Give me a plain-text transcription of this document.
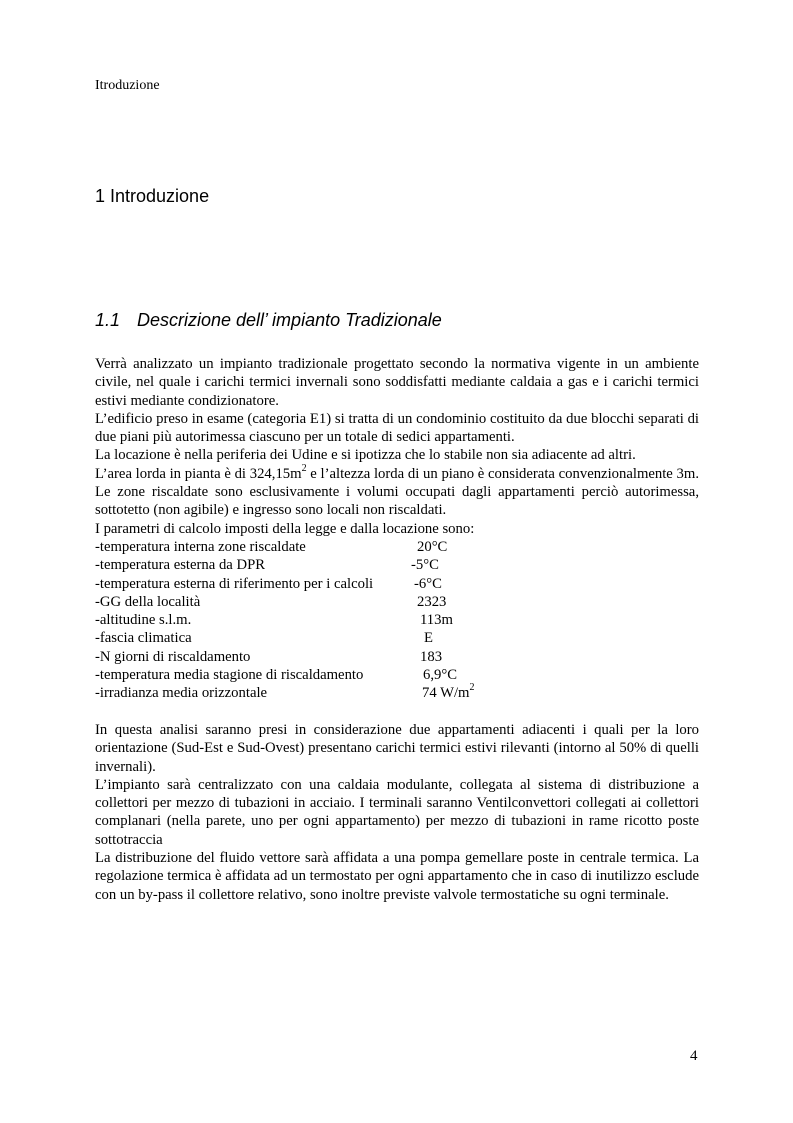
Itroduzione
1 Introduzione
1.1 Descrizione dell’ impianto Tradizionale

Verrà analizzato un impianto tradizionale progettato secondo la normativa vigente in un ambiente civile, nel quale i carichi termici invernali sono soddisfatti mediante caldaia a gas e i carichi termici estivi mediante condizionatore.

L’edificio preso in esame (categoria E1) si tratta di un condominio costituito da due blocchi separati di due piani più autorimessa ciascuno per un totale di sedici appartamenti.

La locazione è nella periferia dei Udine e si ipotizza che lo stabile non sia adiacente ad altri.

L’area lorda in pianta è di $324,15m^2$ e l’altezza lorda di un piano è considerata convenzionalmente 3m. Le zone riscaldate sono esclusivamente i volumi occupati dagli appartamenti perciò autorimessa, sottotetto (non agibile) e ingresso sono locali non riscaldati.

I parametri di calcolo imposti della legge e dalla locazione sono:

-temperatura interna zone riscaldate	20°C
-temperatura esterna da DPR	-5°C
-temperatura esterna di riferimento per i calcoli	-6°C
-GG della località	2323
-altitudine s.l.m.	113m
-fascia climatica	E
-N giorni di riscaldamento	183
-temperatura media stagione di riscaldamento	6,9°C
-irradianza media orizzontale	74 $W/m^2$

In questa analisi saranno presi in considerazione due appartamenti adiacenti i quali per la loro orientazione (Sud-Est e Sud-Ovest) presentano carichi termici estivi rilevanti (intorno al 50% di quelli invernali).

L’impianto sarà centralizzato con una caldaia modulante, collegata al sistema di distribuzione a collettori per mezzo di tubazioni in acciaio. I terminali saranno Ventilconvettori collegati ai collettori complanari (nella parete, uno per ogni appartamento) per mezzo di tubazioni in rame ricotto poste sottotraccia

La distribuzione del fluido vettore sarà affidata a una pompa gemellare poste in centrale termica. La regolazione termica è affidata ad un termostato per ogni appartamento che in caso di inutilizzo esclude con un by-pass il collettore relativo, sono inoltre previste valvole termostatiche su ogni terminale.

4
